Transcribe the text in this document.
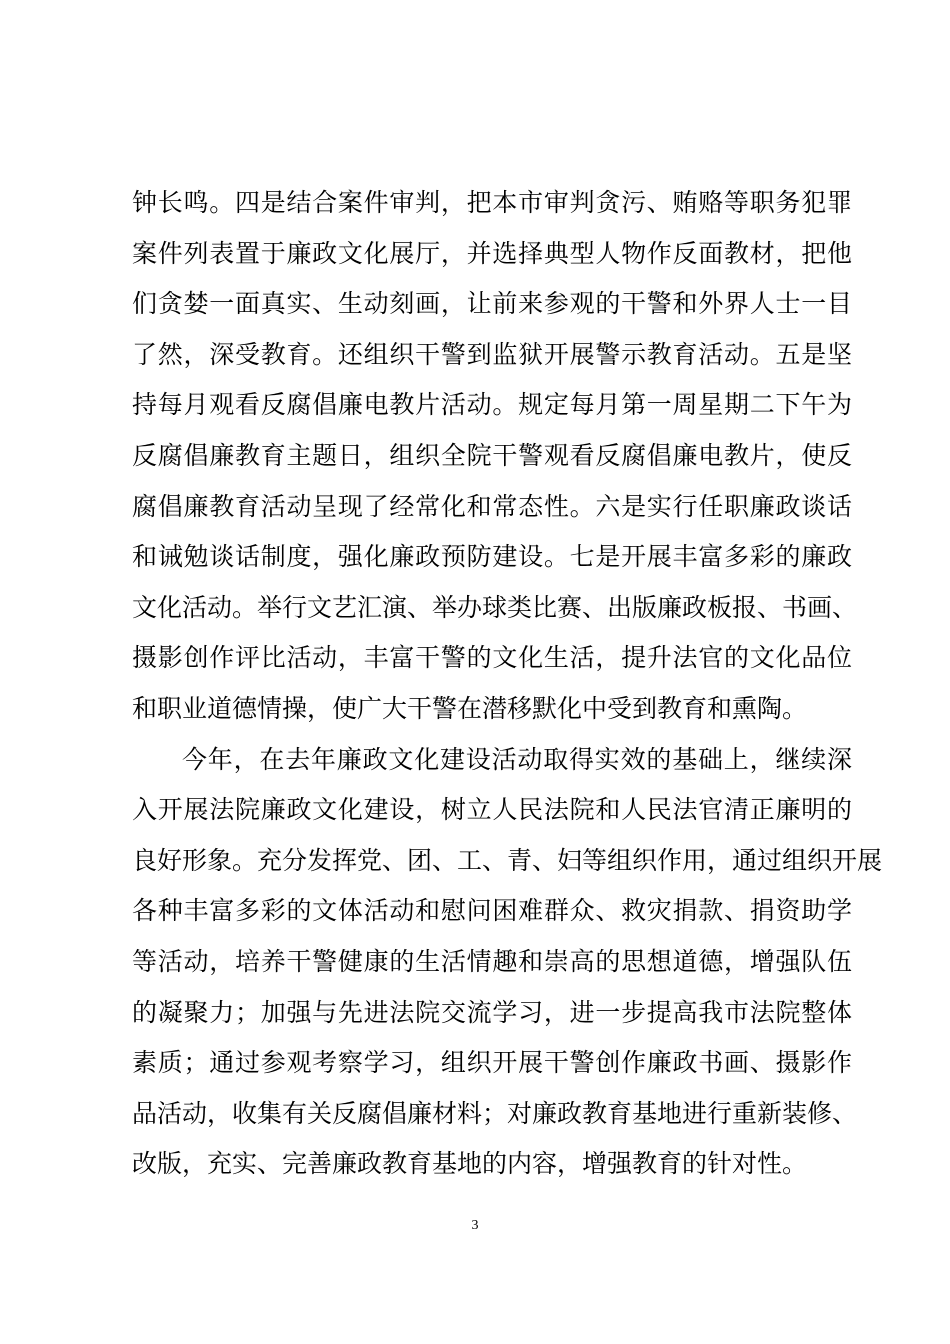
钟长鸣。四是结合案件审判，把本市审判贪污、贿赂等职务犯罪
案件列表置于廉政文化展厅，并选择典型人物作反面教材，把他
们贪婪一面真实、生动刻画，让前来参观的干警和外界人士一目
了然，深受教育。还组织干警到监狱开展警示教育活动。五是坚
持每月观看反腐倡廉电教片活动。规定每月第一周星期二下午为
反腐倡廉教育主题日，组织全院干警观看反腐倡廉电教片，使反
腐倡廉教育活动呈现了经常化和常态性。六是实行任职廉政谈话
和诫勉谈话制度，强化廉政预防建设。七是开展丰富多彩的廉政
文化活动。举行文艺汇演、举办球类比赛、出版廉政板报、书画、
摄影创作评比活动，丰富干警的文化生活，提升法官的文化品位
和职业道德情操，使广大干警在潜移默化中受到教育和熏陶。
今年，在去年廉政文化建设活动取得实效的基础上，继续深
入开展法院廉政文化建设，树立人民法院和人民法官清正廉明的
良好形象。充分发挥党、团、工、青、妇等组织作用，通过组织开展
各种丰富多彩的文体活动和慰问困难群众、救灾捐款、捐资助学
等活动，培养干警健康的生活情趣和崇高的思想道德，增强队伍
的凝聚力；加强与先进法院交流学习，进一步提高我市法院整体
素质；通过参观考察学习，组织开展干警创作廉政书画、摄影作
品活动，收集有关反腐倡廉材料；对廉政教育基地进行重新装修、
改版，充实、完善廉政教育基地的内容，增强教育的针对性。
3
